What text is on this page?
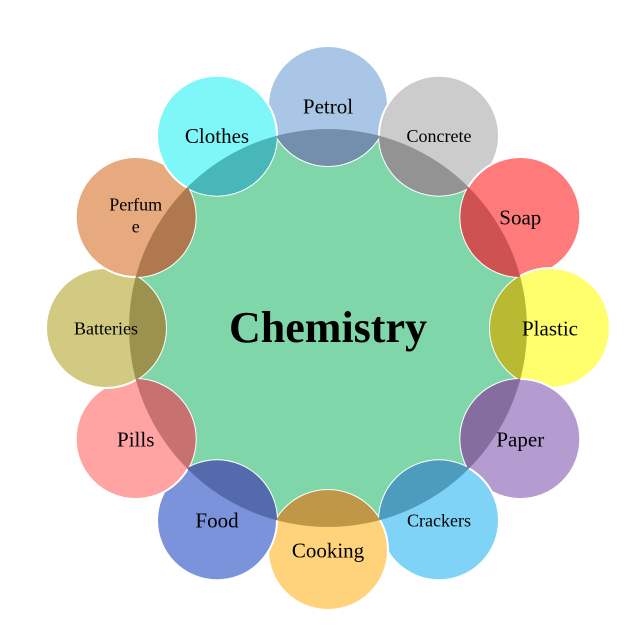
Chemistry
Petrol
Concrete
Soap
Plastic
Paper
Crackers
Cooking
Food
Pills
Batteries
Perfum e
Clothes
